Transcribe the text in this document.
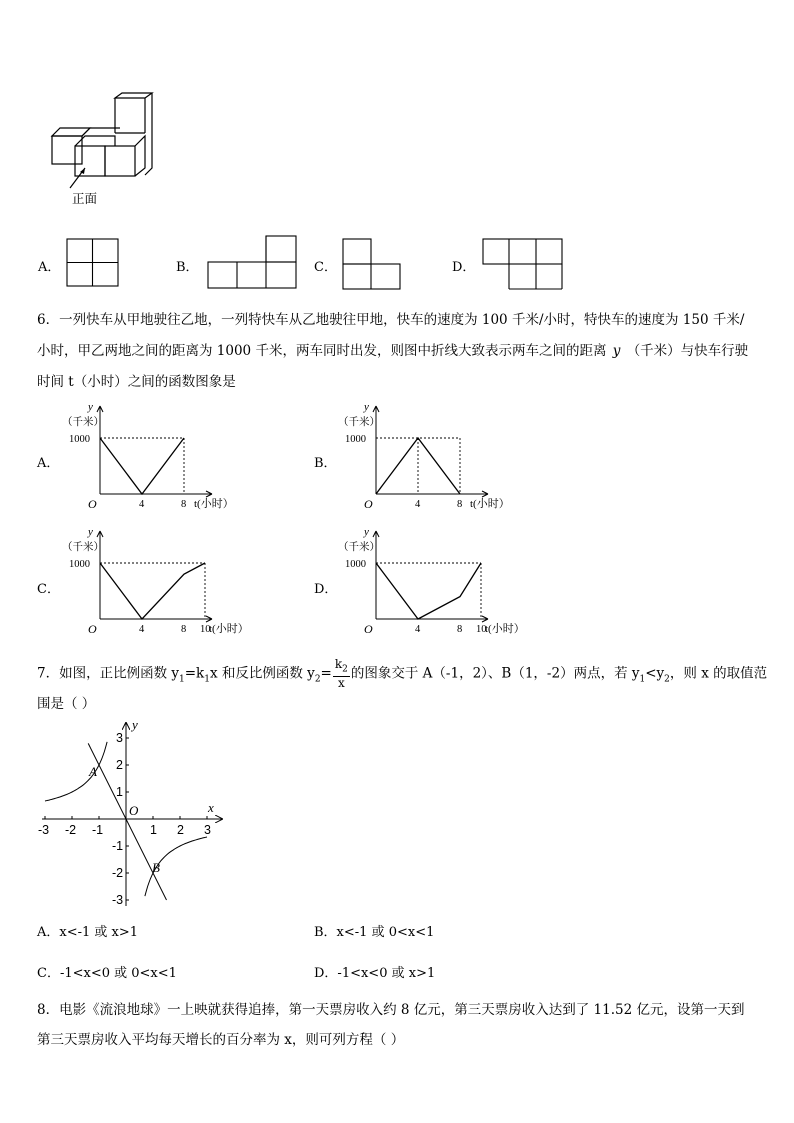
正面
A．	B．	C．	D．
6．一列快车从甲地驶往乙地，一列特快车从乙地驶往甲地，快车的速度为 100 千米/小时，特快车的速度为 150 千米/
小时，甲乙两地之间的距离为 1000 千米，两车同时出发，则图中折线大致表示两车之间的距离 y （千米）与快车行驶
时间 t（小时）之间的函数图象是
A．	B．
C．	D．
y
（千米）
1000
O	t(小时）
4	8
y
（千米）
1000
O	t(小时）
4	8
y
（千米）
1000
O	t(小时）
4	8 10
y
（千米）
1000
O	t(小时）
4	8 10
7．如图，正比例函数 $y_1=k_1x$ 和反比例函数 $y_2= \frac{k_2}{x}$ 的图象交于 A（-1，2）、B（1，-2）两点，若 $y_1<y_2$，则 x 的取值范
围是（ ）
-3 -2 -1	1 2 3
3
2
1
-1
-2
-3
x
y
O
A
B
A．x<-1 或 x>1	B．x<-1 或 0<x<1
C．-1<x<0 或 0<x<1	D．-1<x<0 或 x>1
8．电影《流浪地球》一上映就获得追捧，第一天票房收入约 8 亿元，第三天票房收入达到了 11.52 亿元，设第一天到
第三天票房收入平均每天增长的百分率为 x，则可列方程（ ）
